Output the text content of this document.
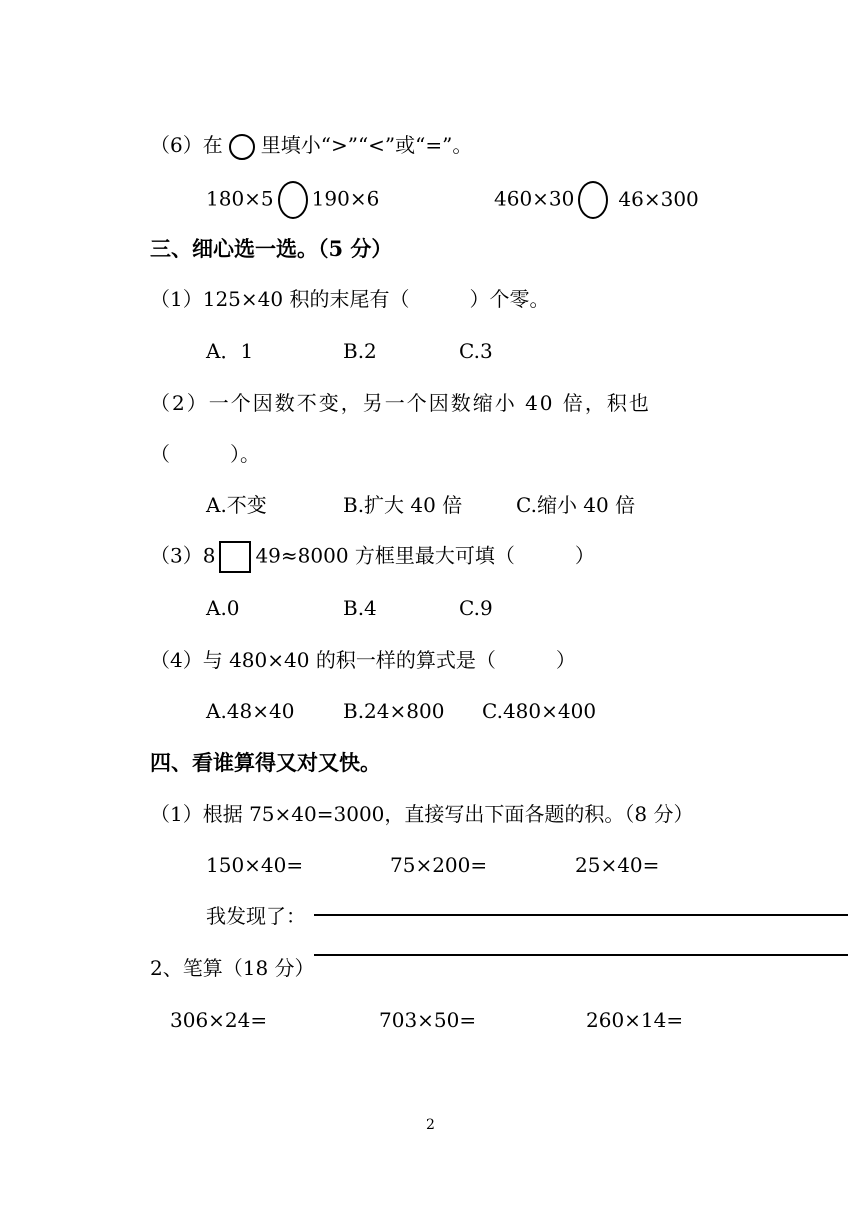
（6）在 里填小“>”“<”或“=”。
180×5 190×6	460×30 46×300
三、细心选一选。（5 分）
（1）125×40 积的末尾有（　　　）个零。
A．1	B.2	C.3
（2）一个因数不变，另一个因数缩小 40 倍，积也
（　　　）。
A.不变	B.扩大 40 倍	C.缩小 40 倍
（3）8 49≈8000 方框里最大可填（　　　）
A.0	B.4	C.9
（4）与 480×40 的积一样的算式是（　　　）
A.48×40 B.24×800 C.480×400
四、看谁算得又对又快。
（1）根据 75×40=3000，直接写出下面各题的积。（8 分）
150×40=	75×200=	25×40=
我发现了：
2、笔算（18 分）
306×24=	703×50=	260×14=
2
